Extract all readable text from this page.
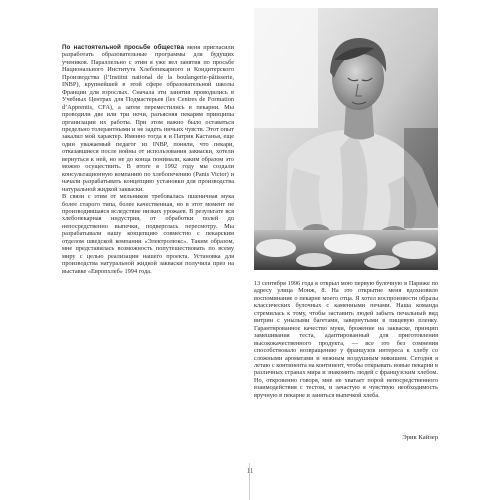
По настоятельной просьбе общества меня пригласили разработать образовательные программы для будущих учеников. Параллельно с этим я уже вел занятия по просьбе Национального Института Хлебопекарного и Кондитерского Производства (l’Institut national de la boulangerie-pâtisserie, INBP), крупнейшей в этой сфере образовательной школы Франции для взрослых. Сначала эти занятия проводились в Учебных Центрах для Подмастерьев (les Centres de Formation d’Apprentis, CFA), а затем переместились в пекарни. Мы проводили две или три ночи, разъясняя пекарям принципы организации их работы. При этом важно было оставаться предельно толерантными и не задеть ничьих чувств. Этот опыт закалил мой характер. Именно тогда я и Патрик Кастанья, еще один уважаемый педагог из INBP, поняли, что пекари, отказавшиеся после войны от использования закваски, хотели вернуться к ней, но не до конца понимали, каким образом это можно осуществить. В итоге в 1992 году мы создали консультационную компанию по хлебопечению (Panis Victor) и начали разрабатывать концепцию установки для производства натуральной жидкой закваски.
В связи с этим от мельников требовалась пшеничная мука более старого типа, более качественная, но в этот момент не производившаяся вследствие низких урожаев. В результате вся хлебопекарная индустрия, от обработки полей до непосредственно выпечки, подверглась пересмотру. Мы разрабатывали нашу концепцию совместно с пекарским отделом шведской компании «Электролюкс». Таким образом, мне представилась возможность попутешествовать по всему миру с целью реализации нашего проекта. Установка для производства натуральной жидкой закваски получила приз на выставке «Европхлеб» 1994 года.

13 сентября 1996 года я открыл мою первую булочную в Париже по адресу улица Монж, 8. На это открытие меня вдохновило воспоминание о пекарне моего отца. Я хотел воспроизвести образы классических булочных с каменными печами. Наша команда стремилась к тому, чтобы заставить людей забыть печальный вид витрин с унылыми багетами, завернутыми в пищевую пленку. Гарантированное качество муки, брожение на закваске, принцип замешивания теста, адаптированный для приготовления высококачественного продукта, — все это без сомнения способствовало возвращению у французов интереса к хлебу со сложными ароматами и нежным воздушным мякишем. Сегодня я летаю с континента на континент, чтобы открывать новые пекарни в различных странах мира и знакомить людей с французским хлебом. Но, откровенно говоря, мне не хватает порой непосредственного взаимодействия с тестом, и зачастую я чувствую необходимость вручную в пекарне и заняться выпечкой хлеба.

Эрик Кайзер
11
